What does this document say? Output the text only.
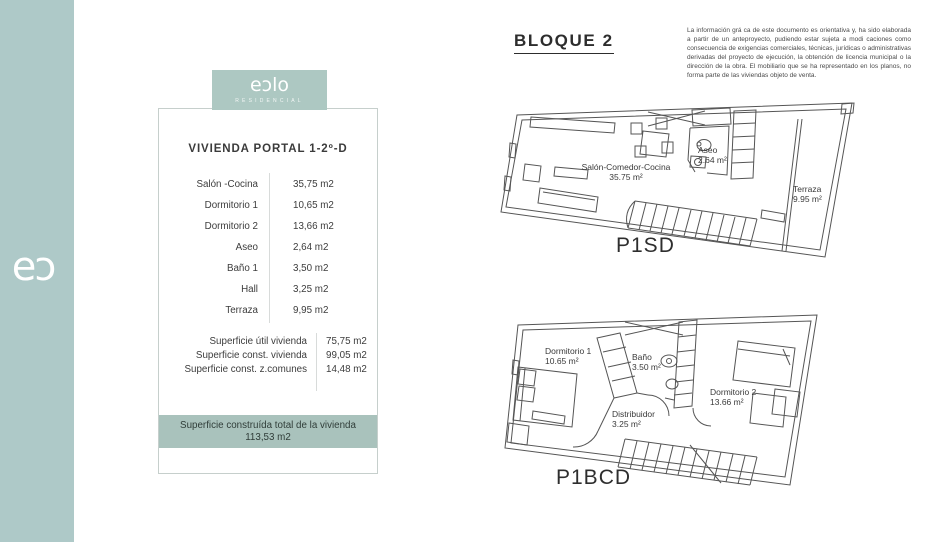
eɔ
eɔlo
RESIDENCIAL
VIVIENDA PORTAL 1-2º-D
Salón -Cocina	35,75 m2
Dormitorio 1	10,65 m2
Dormitorio 2	13,66 m2
Aseo	2,64 m2
Baño 1	3,50 m2
Hall	3,25 m2
Terraza	9,95 m2
Superficie útil vivienda	75,75 m2
Superficie const. vivienda	99,05 m2
Superficie const. z.comunes	14,48 m2
Superficie construída total de la vivienda
113,53 m2
BLOQUE 2

La información grá ca de este documento es orientativa y, ha sido elaborada a partir de un anteproyecto, pudiendo estar sujeta a modi caciones como consecuencia de exigencias comerciales, técnicas, jurídicas o administrativas derivadas del proyecto de ejecución, la obtención de licencia municipal o la dirección de la obra. El mobiliario que se ha representado en los planos, no forma parte de las viviendas objeto de venta.

Salón-Comedor-Cocina
35.75 m²
Aseo
2.64 m²
Terraza
9.95 m²
Dormitorio 1
10.65 m²	Baño
3.50 m²
Dormitorio 2
13.66 m²
Distribuidor
3.25 m²
P1SD
P1BCD
